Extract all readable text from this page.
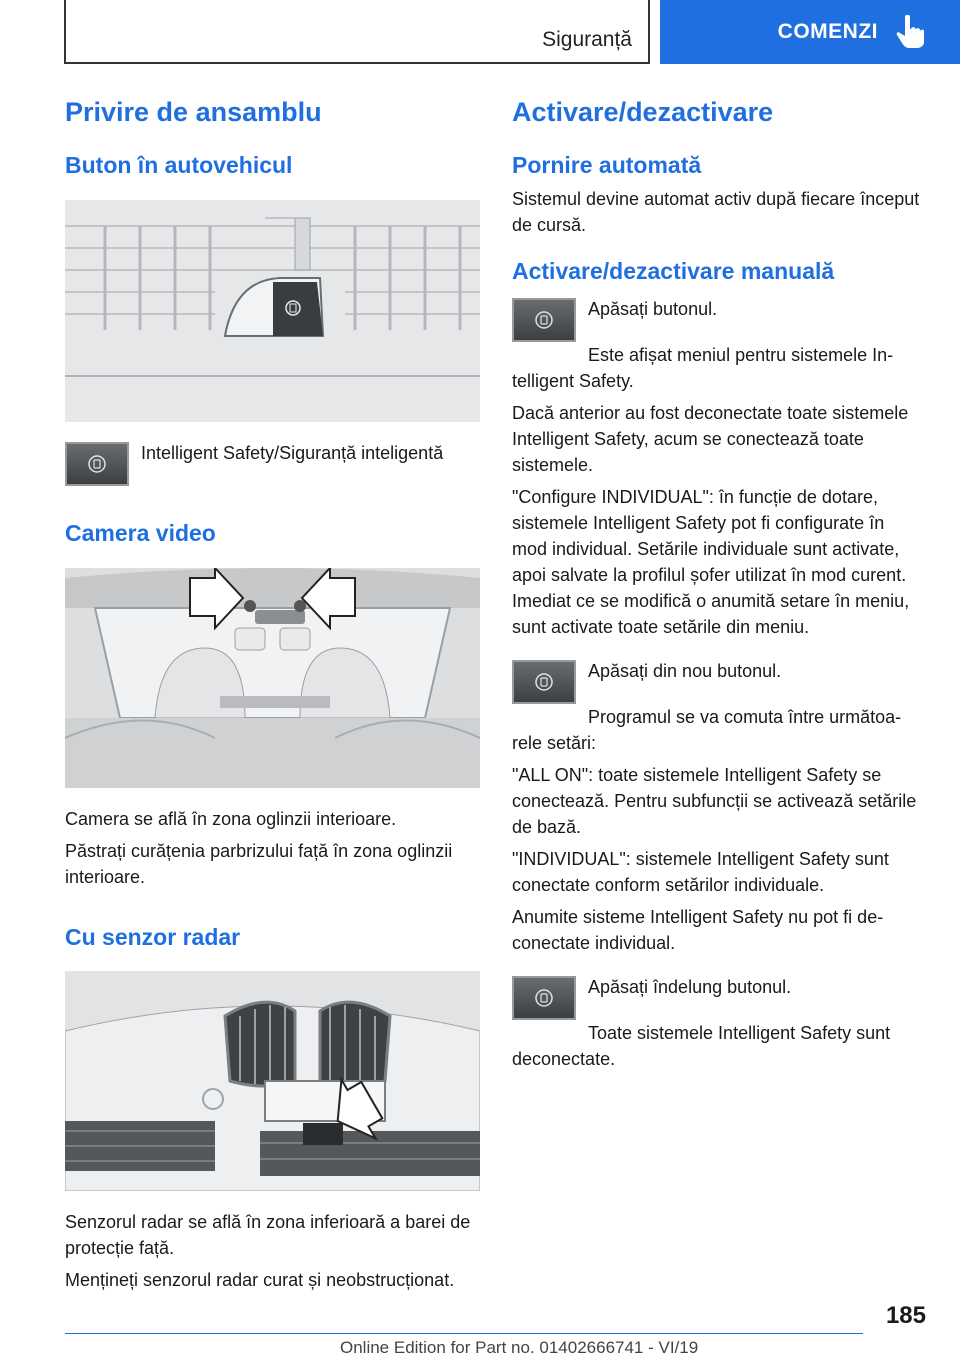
Siguranță	COMENZI
Privire de ansamblu
Buton în autovehicul

Intelligent Safety/Siguranță inteligentă

Camera video

Camera se află în zona oglinzii interioare.

Păstrați curățenia parbrizului față în zona oglinzii interioare.

Cu senzor radar

Senzorul radar se află în zona inferioară a barei de protecție față.

Mențineți senzorul radar curat și neobstrucționat.

Activare/dezactivare
Pornire automată

Sistemul devine automat activ după fiecare încеput de cursă.

Activare/dezactivare manuală

Apăsați butonul.

Este afișat meniul pentru sistemele Intelligent Safety.

Dacă anterior au fost deconectate toate sistemele Intelligent Safety, acum se conectează toate sistemele.

"Configure INDIVIDUAL": în funcție de dotare, sistemele Intelligent Safety pot fi configurate în mod individual. Setările individuale sunt activate, apoi salvate la profilul șofer utilizat în mod curent. Imediat ce se modifică o anumită setare în meniu, sunt activate toate setările din meniu.

Apăsați din nou butonul.

Programul se va comuta între următoarele setări:

"ALL ON": toate sistemele Intelligent Safety se conectează. Pentru subfuncții se activează setările de bază.

"INDIVIDUAL": sistemele Intelligent Safety sunt conectate conform setărilor individuale.

Anumite sisteme Intelligent Safety nu pot fi deconectate individual.

Apăsați îndelung butonul.

Toate sistemele Intelligent Safety sunt deconectate.

185
Online Edition for Part no. 01402666741 - VI/19
